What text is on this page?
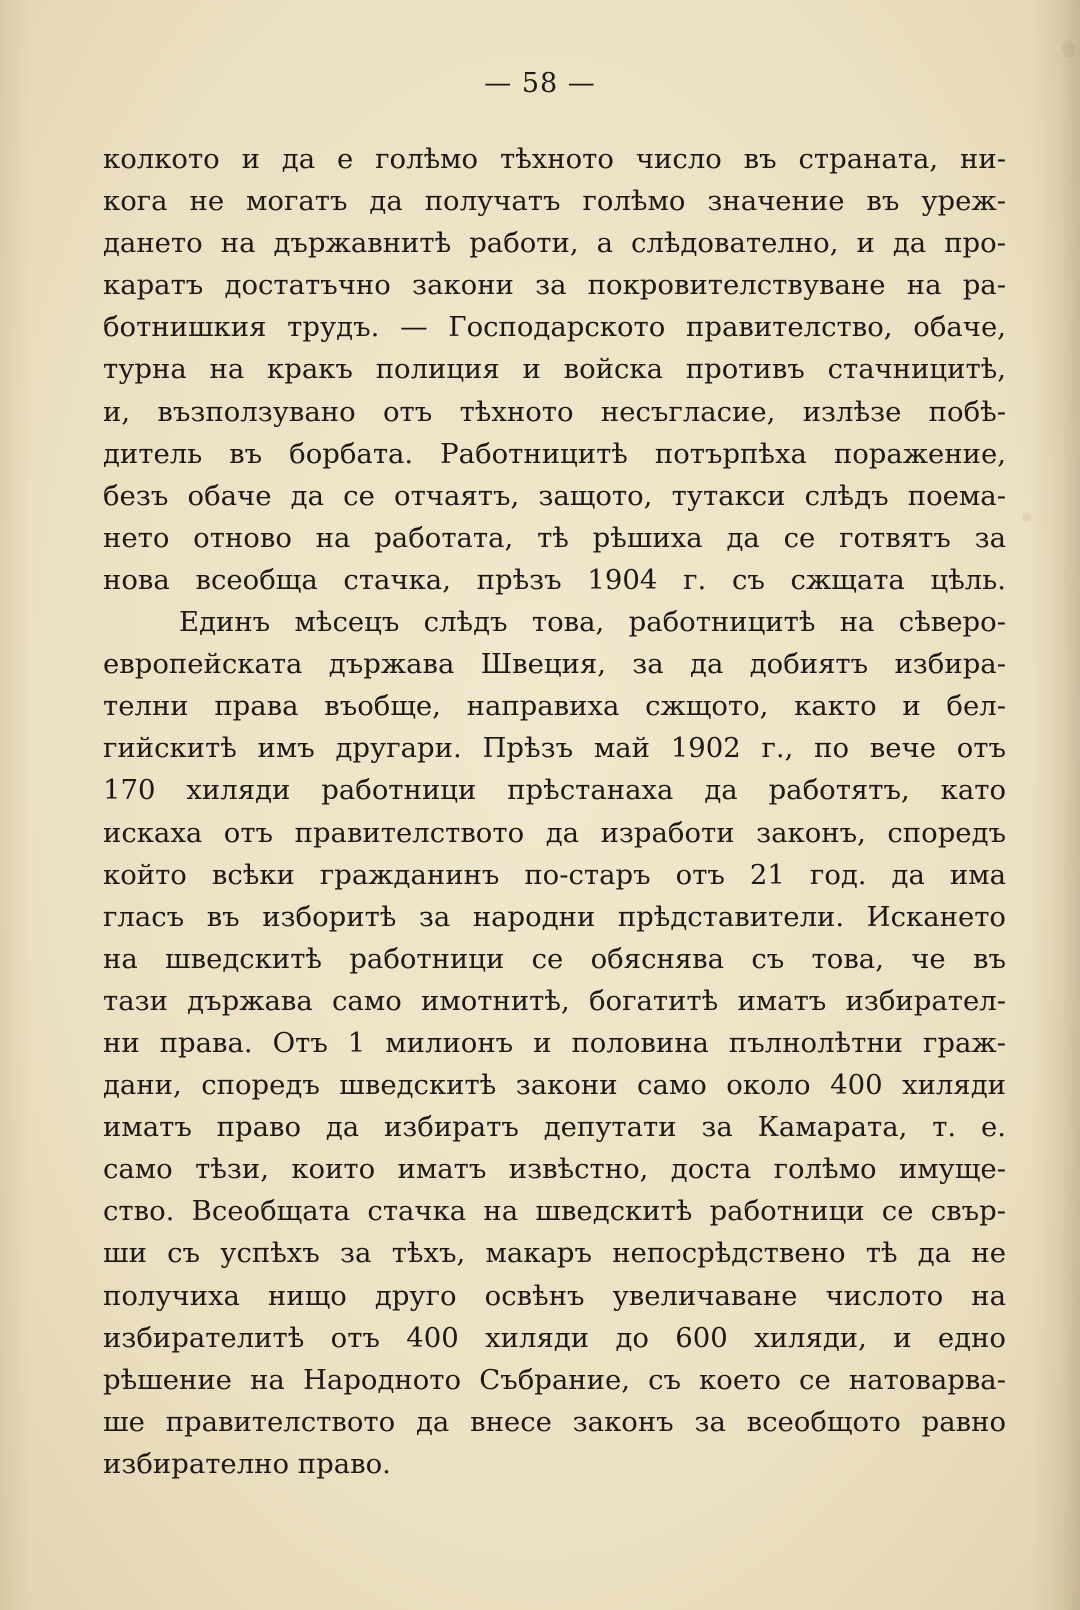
— 58 —
колкото и да е голѣмо тѣхното число въ страната, ни-
кога не могатъ да получатъ голѣмо значение въ уреж-
дането на държавнитѣ работи, а слѣдователно, и да про-
каратъ достатъчно закони за покровителствуване на ра-
ботнишкия трудъ. — Господарското правителство, обаче,
турна на кракъ полиция и войска противъ стачницитѣ,
и, възползувано отъ тѣхното несъгласие, излѣзе побѣ-
дитель въ борбата. Работницитѣ потърпѣха поражение,
безъ обаче да се отчаятъ, защото, тутакси слѣдъ поема-
нето отново на работата, тѣ рѣшиха да се готвятъ за
нова всеобща стачка, прѣзъ 1904 г. съ сжщата цѣль.
Единъ мѣсецъ слѣдъ това, работницитѣ на сѣверо-
европейската държава Швеция, за да добиятъ избира-
телни права въобще, направиха сжщото, както и бел-
гийскитѣ имъ другари. Прѣзъ май 1902 г., по вече отъ
170 хиляди работници прѣстанаха да работятъ, като
искаха отъ правителството да изработи законъ, споредъ
който всѣки гражданинъ по-старъ отъ 21 год. да има
гласъ въ изборитѣ за народни прѣдставители. Искането
на шведскитѣ работници се обяснява съ това, че въ
тази държава само имотнитѣ, богатитѣ иматъ избирател-
ни права. Отъ 1 милионъ и половина пълнолѣтни граж-
дани, споредъ шведскитѣ закони само около 400 хиляди
иматъ право да избиратъ депутати за Камарата, т. е.
само тѣзи, които иматъ извѣстно, доста голѣмо имуще-
ство. Всеобщата стачка на шведскитѣ работници се свър-
ши съ успѣхъ за тѣхъ, макаръ непосрѣдствено тѣ да не
получиха нищо друго освѣнъ увеличаване числото на
избирателитѣ отъ 400 хиляди до 600 хиляди, и едно
рѣшение на Народното Събрание, съ което се натоварва-
ше правителството да внесе законъ за всеобщото равно
избирателно право.
